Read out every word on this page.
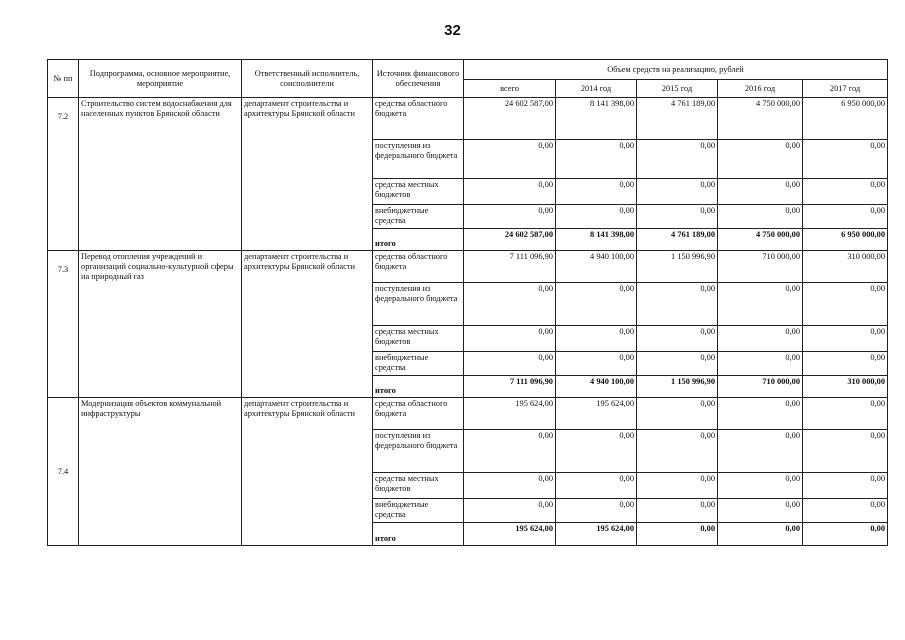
32
№ пп	Подпрограмма, основное мероприятие, мероприятие	Ответственный исполнитель, соисполнители	Источник финансового обеспечения	Объем средств на реализацию, рублей				
				всего	2014 год	2015 год	2016 год	2017 год
7.2	Строительство систем водоснабжения для населенных пунктов Брянской области	департамент строительства и архитектуры Брянской области	средства областного бюджета	24 602 587,00	8 141 398,00	4 761 189,00	4 750 000,00	6 950 000,00
			поступления из федерального бюджета	0,00	0,00	0,00	0,00	0,00
			средства местных бюджетов	0,00	0,00	0,00	0,00	0,00
			внебюджетные средства	0,00	0,00	0,00	0,00	0,00
			итого	24 602 587,00	8 141 398,00	4 761 189,00	4 750 000,00	6 950 000,00
7.3	Перевод отопления учреждений и организаций социально-культурной сферы на природный газ	департамент строительства и архитектуры Брянской области	средства областного бюджета	7 111 096,90	4 940 100,00	1 150 996,90	710 000,00	310 000,00
			поступления из федерального бюджета	0,00	0,00	0,00	0,00	0,00
			средства местных бюджетов	0,00	0,00	0,00	0,00	0,00
			внебюджетные средства	0,00	0,00	0,00	0,00	0,00
			итого	7 111 096,90	4 940 100,00	1 150 996,90	710 000,00	310 000,00
7.4	Модернизация объектов коммунальной инфраструктуры	департамент строительства и архитектуры Брянской области	средства областного бюджета	195 624,00	195 624,00	0,00	0,00	0,00
			поступления из федерального бюджета	0,00	0,00	0,00	0,00	0,00
			средства местных бюджетов	0,00	0,00	0,00	0,00	0,00
			внебюджетные средства	0,00	0,00	0,00	0,00	0,00
			итого	195 624,00	195 624,00	0,00	0,00	0,00
